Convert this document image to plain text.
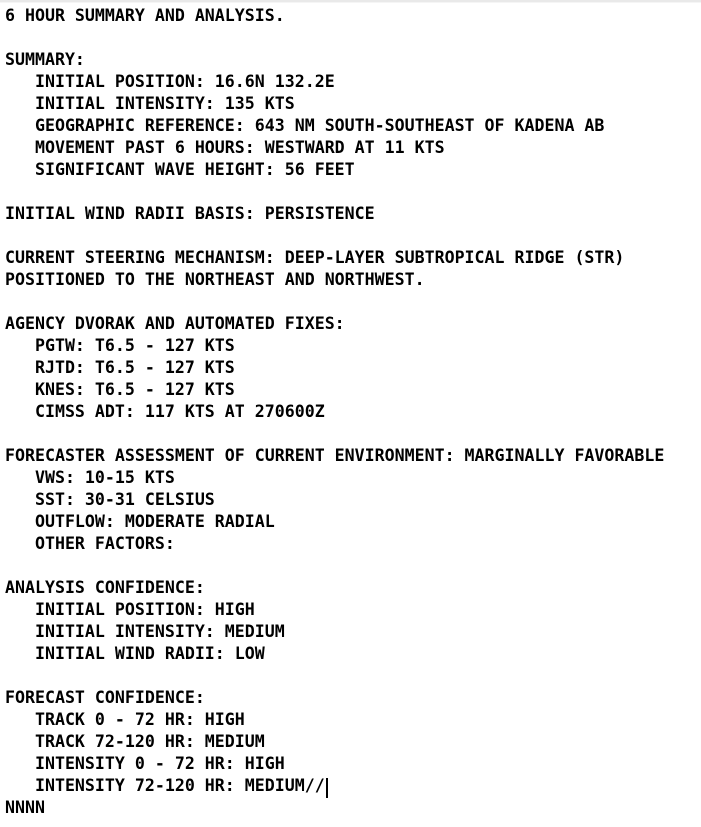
6 HOUR SUMMARY AND ANALYSIS.
SUMMARY:
INITIAL POSITION: 16.6N 132.2E
INITIAL INTENSITY: 135 KTS
GEOGRAPHIC REFERENCE: 643 NM SOUTH-SOUTHEAST OF KADENA AB
MOVEMENT PAST 6 HOURS: WESTWARD AT 11 KTS
SIGNIFICANT WAVE HEIGHT: 56 FEET
INITIAL WIND RADII BASIS: PERSISTENCE
CURRENT STEERING MECHANISM: DEEP-LAYER SUBTROPICAL RIDGE (STR)
POSITIONED TO THE NORTHEAST AND NORTHWEST.
AGENCY DVORAK AND AUTOMATED FIXES:
PGTW: T6.5 - 127 KTS
RJTD: T6.5 - 127 KTS
KNES: T6.5 - 127 KTS
CIMSS ADT: 117 KTS AT 270600Z
FORECASTER ASSESSMENT OF CURRENT ENVIRONMENT: MARGINALLY FAVORABLE
VWS: 10-15 KTS
SST: 30-31 CELSIUS
OUTFLOW: MODERATE RADIAL
OTHER FACTORS:
ANALYSIS CONFIDENCE:
INITIAL POSITION: HIGH
INITIAL INTENSITY: MEDIUM
INITIAL WIND RADII: LOW
FORECAST CONFIDENCE:
TRACK 0 - 72 HR: HIGH
TRACK 72-120 HR: MEDIUM
INTENSITY 0 - 72 HR: HIGH
INTENSITY 72-120 HR: MEDIUM//
NNNN
